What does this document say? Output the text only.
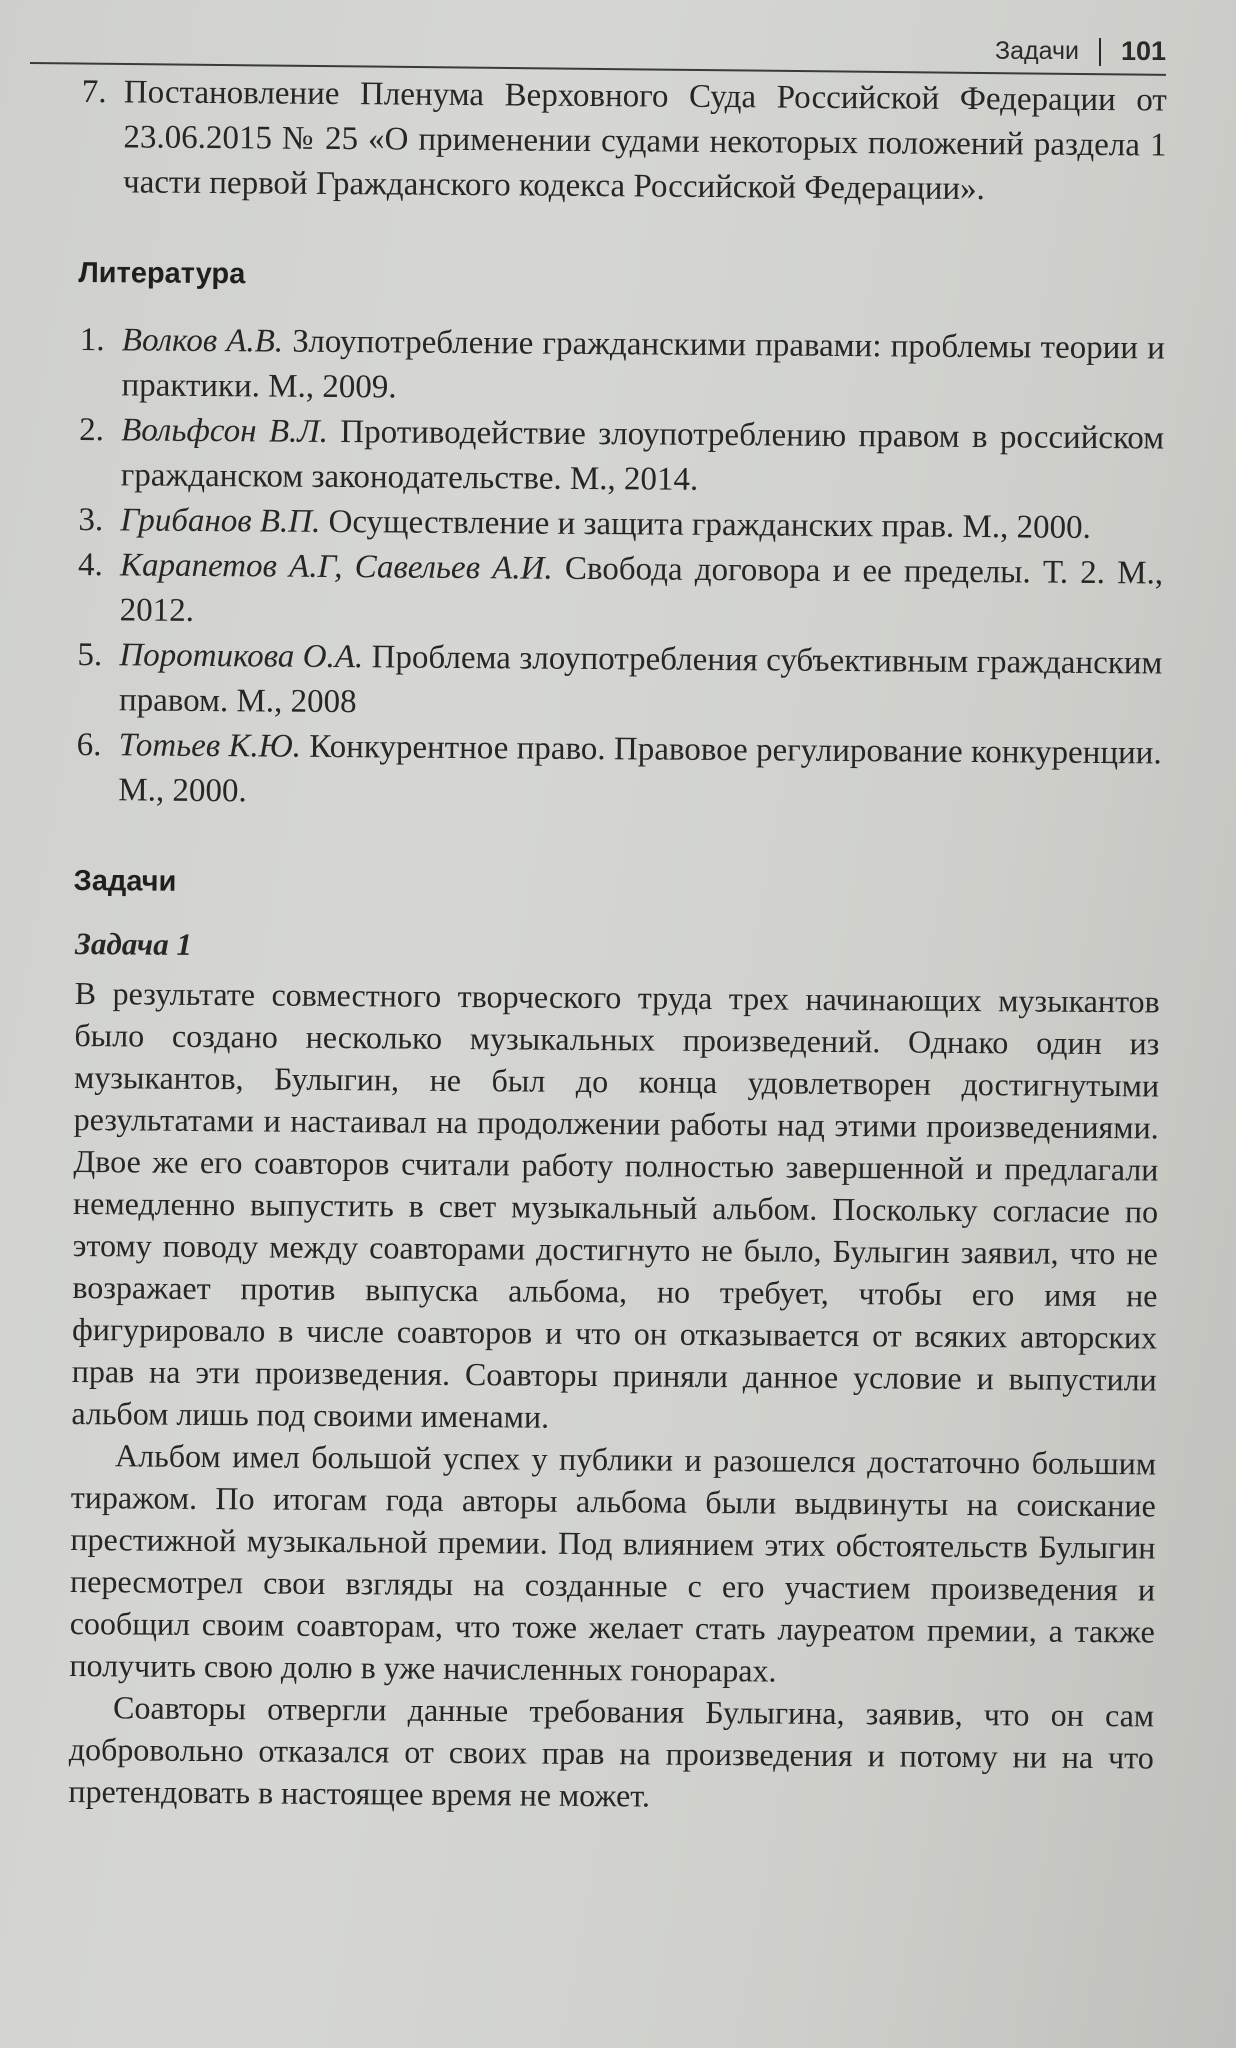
Задачи 101
7. Постановление Пленума Верховного Суда Российской Федерации от 23.06.2015 № 25 «О применении судами некоторых положений раздела 1 части первой Гражданского кодекса Российской Федерации».
Литература
1. Волков А.В. Злоупотребление гражданскими правами: проблемы теории и практики. М., 2009.
2. Вольфсон В.Л. Противодействие злоупотреблению правом в российском гражданском законодательстве. М., 2014.
3. Грибанов В.П. Осуществление и защита гражданских прав. М., 2000.
4. Карапетов А.Г, Савельев А.И. Свобода договора и ее пределы. Т. 2. М., 2012.
5. Поротикова О.А. Проблема злоупотребления субъективным гражданским правом. М., 2008
6. Тотьев К.Ю. Конкурентное право. Правовое регулирование конкуренции. М., 2000.
Задачи
Задача 1

В результате совместного творческого труда трех начинающих музыкантов было создано несколько музыкальных произведений. Однако один из музыкантов, Булыгин, не был до конца удовлетворен достигнутыми результатами и настаивал на продолжении работы над этими произведениями. Двое же его соавторов считали работу полностью завершенной и предлагали немедленно выпустить в свет музыкальный альбом. Поскольку согласие по этому поводу между соавторами достигнуто не было, Булыгин заявил, что не возражает против выпуска альбома, но требует, чтобы его имя не фигурировало в числе соавторов и что он отказывается от всяких авторских прав на эти произведения. Соавторы приняли данное условие и выпустили альбом лишь под своими именами.

Альбом имел большой успех у публики и разошелся достаточно большим тиражом. По итогам года авторы альбома были выдвинуты на соискание престижной музыкальной премии. Под влиянием этих обстоятельств Булыгин пересмотрел свои взгляды на созданные с его участием произведения и сообщил своим соавторам, что тоже желает стать лауреатом премии, а также получить свою долю в уже начисленных гонорарах.

Соавторы отвергли данные требования Булыгина, заявив, что он сам добровольно отказался от своих прав на произведения и потому ни на что претендовать в настоящее время не может.
